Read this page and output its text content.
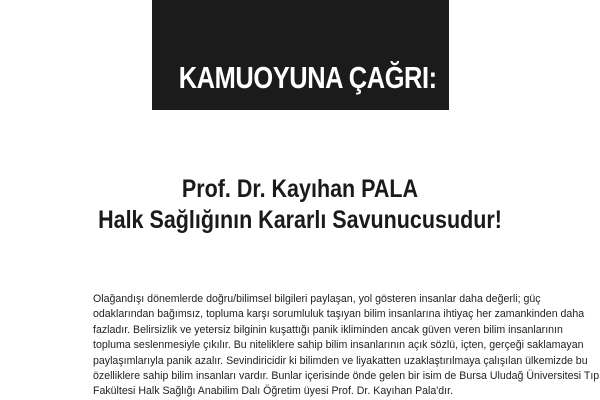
KAMUOYUNA ÇAĞRI:
Prof. Dr. Kayıhan PALA
Halk Sağlığının Kararlı Savunucusudur!
Olağandışı dönemlerde doğru/bilimsel bilgileri paylaşan, yol gösteren insanlar daha değerli; güç
odaklarından bağımsız, topluma karşı sorumluluk taşıyan bilim insanlarına ihtiyaç her zamankinden daha
fazladır. Belirsizlik ve yetersiz bilginin kuşattığı panik ikliminden ancak güven veren bilim insanlarının
topluma seslenmesiyle çıkılır. Bu niteliklere sahip bilim insanlarının açık sözlü, içten, gerçeği saklamayan
paylaşımlarıyla panik azalır. Sevindiricidir ki bilimden ve liyakatten uzaklaştırılmaya çalışılan ülkemizde bu
özelliklere sahip bilim insanları vardır. Bunlar içerisinde önde gelen bir isim de Bursa Uludağ Üniversitesi Tıp
Fakültesi Halk Sağlığı Anabilim Dalı Öğretim üyesi Prof. Dr. Kayıhan Pala'dır.
